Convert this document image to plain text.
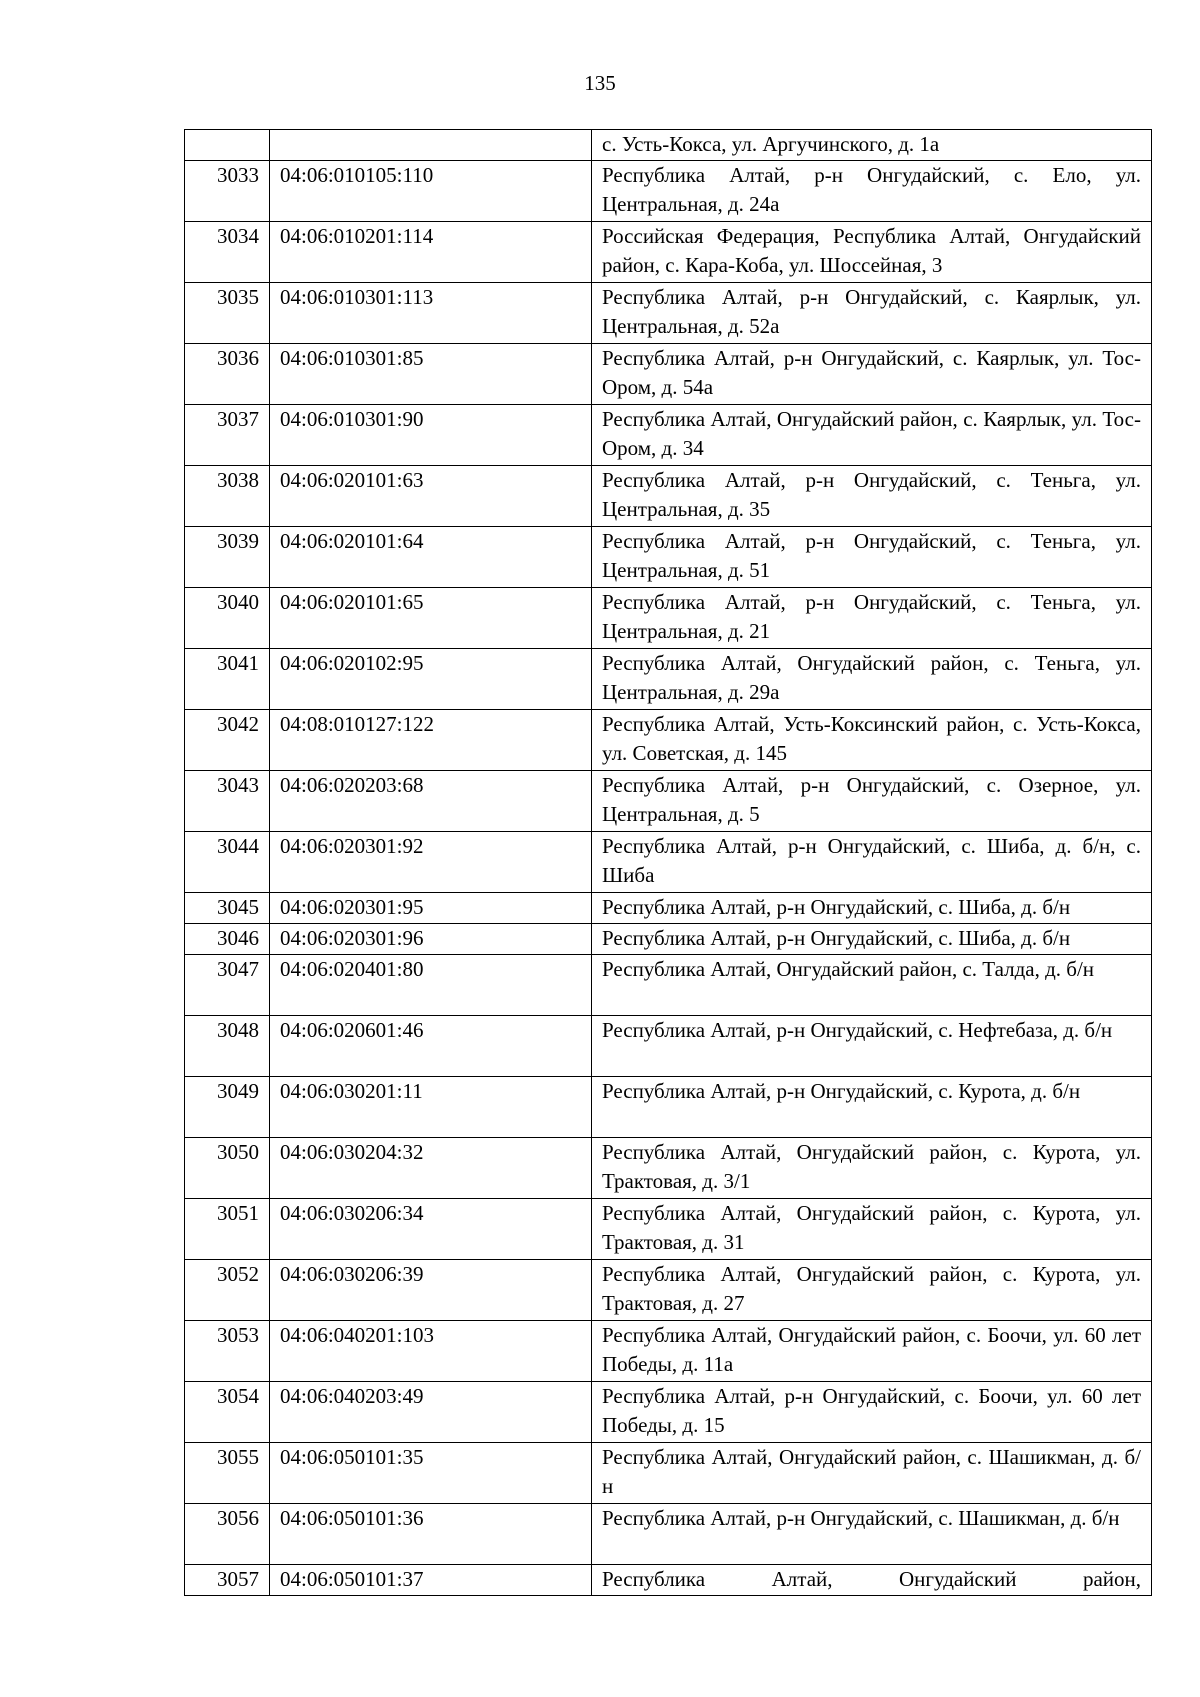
135
		с. Усть-Кокса, ул. Аргучинского, д. 1а
3033	04:06:010105:110	Республика Алтай, р-н Онгудайский, с. Ело, ул. Центральная, д. 24а
3034	04:06:010201:114	Российская Федерация, Республика Алтай, Онгудайский район, с. Кара-Коба, ул. Шоссейная, 3
3035	04:06:010301:113	Республика Алтай, р-н Онгудайский, с. Каярлык, ул. Центральная, д. 52а
3036	04:06:010301:85	Республика Алтай, р-н Онгудайский, с. Каярлык, ул. Тос-Ором, д. 54а
3037	04:06:010301:90	Республика Алтай, Онгудайский район, с. Каярлык, ул. Тос-Ором, д. 34
3038	04:06:020101:63	Республика Алтай, р-н Онгудайский, с. Теньга, ул. Центральная, д. 35
3039	04:06:020101:64	Республика Алтай, р-н Онгудайский, с. Теньга, ул. Центральная, д. 51
3040	04:06:020101:65	Республика Алтай, р-н Онгудайский, с. Теньга, ул. Центральная, д. 21
3041	04:06:020102:95	Республика Алтай, Онгудайский район, с. Теньга, ул. Центральная, д. 29а
3042	04:08:010127:122	Республика Алтай, Усть-Коксинский район, с. Усть-Кокса, ул. Советская, д. 145
3043	04:06:020203:68	Республика Алтай, р-н Онгудайский, с. Озерное, ул. Центральная, д. 5
3044	04:06:020301:92	Республика Алтай, р-н Онгудайский, с. Шиба, д. б/н, с. Шиба
3045	04:06:020301:95	Республика Алтай, р-н Онгудайский, с. Шиба, д. б/н
3046	04:06:020301:96	Республика Алтай, р-н Онгудайский, с. Шиба, д. б/н
3047	04:06:020401:80	Республика Алтай, Онгудайский район, с. Талда, д. б/н
3048	04:06:020601:46	Республика Алтай, р-н Онгудайский, с. Нефтебаза, д. б/н
3049	04:06:030201:11	Республика Алтай, р-н Онгудайский, с. Курота, д. б/н
3050	04:06:030204:32	Республика Алтай, Онгудайский район, с. Курота, ул. Трактовая, д. 3/1
3051	04:06:030206:34	Республика Алтай, Онгудайский район, с. Курота, ул. Трактовая, д. 31
3052	04:06:030206:39	Республика Алтай, Онгудайский район, с. Курота, ул. Трактовая, д. 27
3053	04:06:040201:103	Республика Алтай, Онгудайский район, с. Боочи, ул. 60 лет Победы, д. 11а
3054	04:06:040203:49	Республика Алтай, р-н Онгудайский, с. Боочи, ул. 60 лет Победы, д. 15
3055	04:06:050101:35	Республика Алтай, Онгудайский район, с. Шашикман, д. б/н
3056	04:06:050101:36	Республика Алтай, р-н Онгудайский, с. Шашикман, д. б/н
3057	04:06:050101:37	Республика Алтай, Онгудайский район,
